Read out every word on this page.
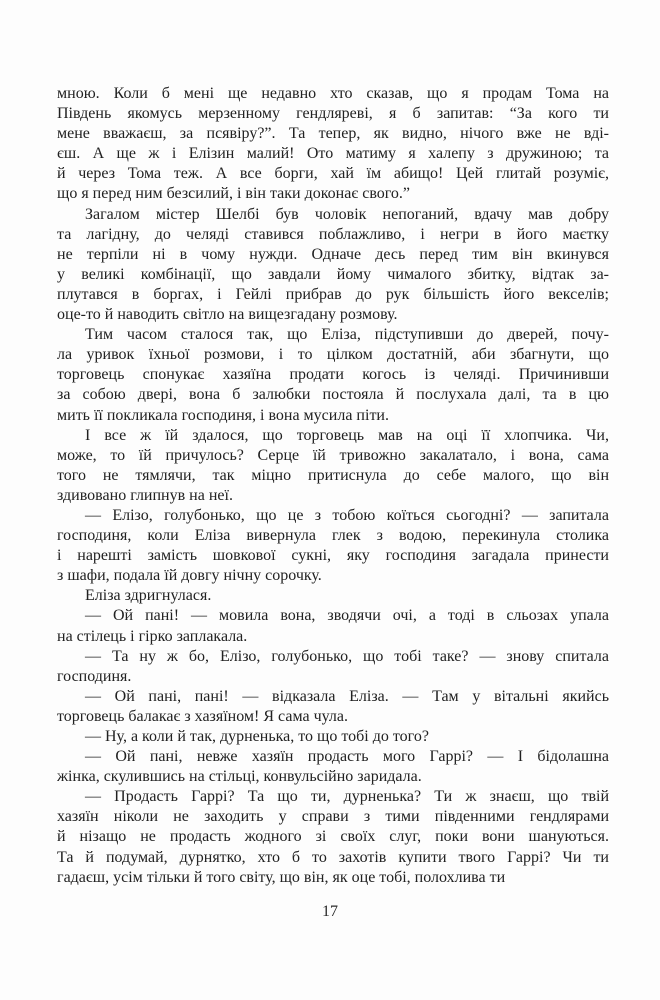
мною. Коли б мені ще недавно хто сказав, що я продам Тома на
Південь якомусь мерзенному гендляреві, я б запитав: “За кого ти
мене вважаєш, за псявіру?”. Та тепер, як видно, нічого вже не вді-
єш. А ще ж і Елізин малий! Ото матиму я халепу з дружиною; та
й через Тома теж. А все борги, хай їм абищо! Цей глитай розуміє,
що я перед ним безсилий, і він таки доконає свого.”
Загалом містер Шелбі був чоловік непоганий, вдачу мав добру
та лагідну, до челяді ставився поблажливо, і негри в його маєтку
не терпіли ні в чому нужди. Одначе десь перед тим він вкинувся
у великі комбінації, що завдали йому чималого збитку, відтак за-
плутався в боргах, і Гейлі прибрав до рук більшість його векселів;
оце-то й наводить світло на вищезгадану розмову.
Тим часом сталося так, що Еліза, підступивши до дверей, почу-
ла уривок їхньої розмови, і то цілком достатній, аби збагнути, що
торговець спонукає хазяїна продати когось із челяді. Причинивши
за собою двері, вона б залюбки постояла й послухала далі, та в цю
мить її покликала господиня, і вона мусила піти.
І все ж їй здалося, що торговець мав на оці її хлопчика. Чи,
може, то їй причулось? Серце їй тривожно закалатало, і вона, сама
того не тямлячи, так міцно притиснула до себе малого, що він
здивовано глипнув на неї.
— Елізо, голубонько, що це з тобою коїться сьогодні? — запитала
господиня, коли Еліза вивернула глек з водою, перекинула столика
і нарешті замість шовкової сукні, яку господиня загадала принести
з шафи, подала їй довгу нічну сорочку.
Еліза здригнулася.
— Ой пані! — мовила вона, зводячи очі, а тоді в сльозах упала
на стілець і гірко заплакала.
— Та ну ж бо, Елізо, голубонько, що тобі таке? — знову спитала
господиня.
— Ой пані, пані! — відказала Еліза. — Там у вітальні якийсь
торговець балакає з хазяїном! Я сама чула.
— Ну, а коли й так, дурненька, то що тобі до того?
— Ой пані, невже хазяїн продасть мого Гаррі? — І бідолашна
жінка, скулившись на стільці, конвульсійно заридала.
— Продасть Гаррі? Та що ти, дурненька? Ти ж знаєш, що твій
хазяїн ніколи не заходить у справи з тими південними гендлярами
й нізащо не продасть жодного зі своїх слуг, поки вони шануються.
Та й подумай, дурнятко, хто б то захотів купити твого Гаррі? Чи ти
гадаєш, усім тільки й того світу, що він, як оце тобі, полохлива ти
17
